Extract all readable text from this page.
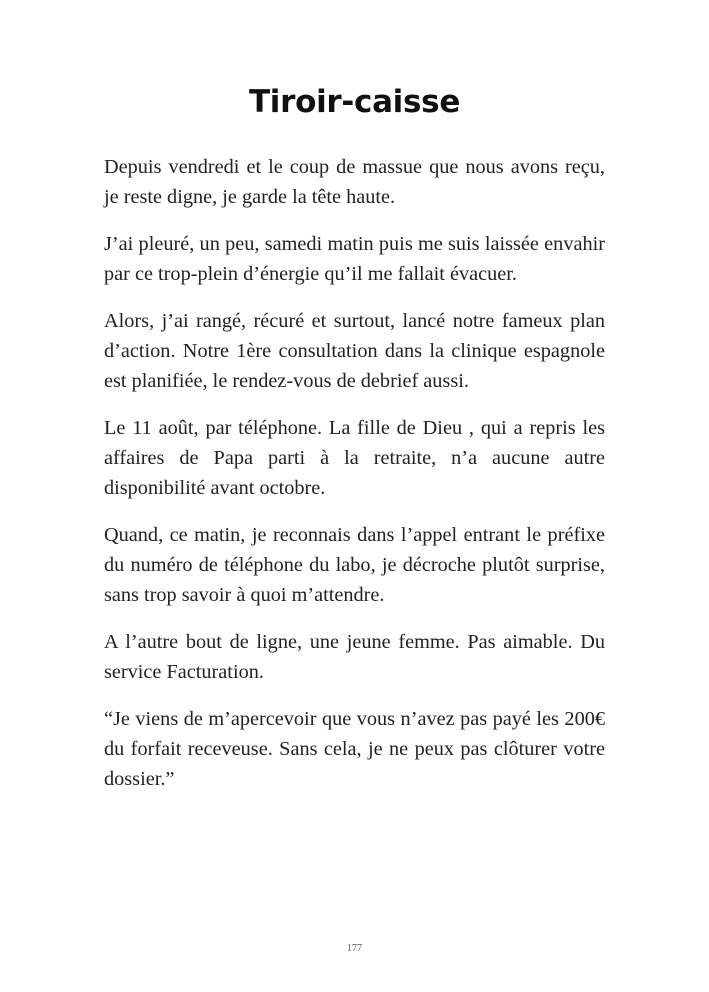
Tiroir-caisse

Depuis vendredi et le coup de massue que nous avons reçu, je reste digne, je garde la tête haute.

J’ai pleuré, un peu, samedi matin puis me suis laissée envahir par ce trop-plein d’énergie qu’il me fallait évacuer.

Alors, j’ai rangé, récuré et surtout, lancé notre fameux plan d’action. Notre 1ère consultation dans la clinique espagnole est planifiée, le rendez-vous de debrief aussi.

Le 11 août, par téléphone. La fille de Dieu , qui a repris les affaires de Papa parti à la retraite, n’a aucune autre disponibilité avant octobre.

Quand, ce matin, je reconnais dans l’appel entrant le préfixe du numéro de téléphone du labo, je décroche plutôt surprise, sans trop savoir à quoi m’attendre.

A l’autre bout de ligne, une jeune femme. Pas aimable. Du service Facturation.

“Je viens de m’apercevoir que vous n’avez pas payé les 200€ du forfait receveuse. Sans cela, je ne peux pas clôturer votre dossier.”

177
